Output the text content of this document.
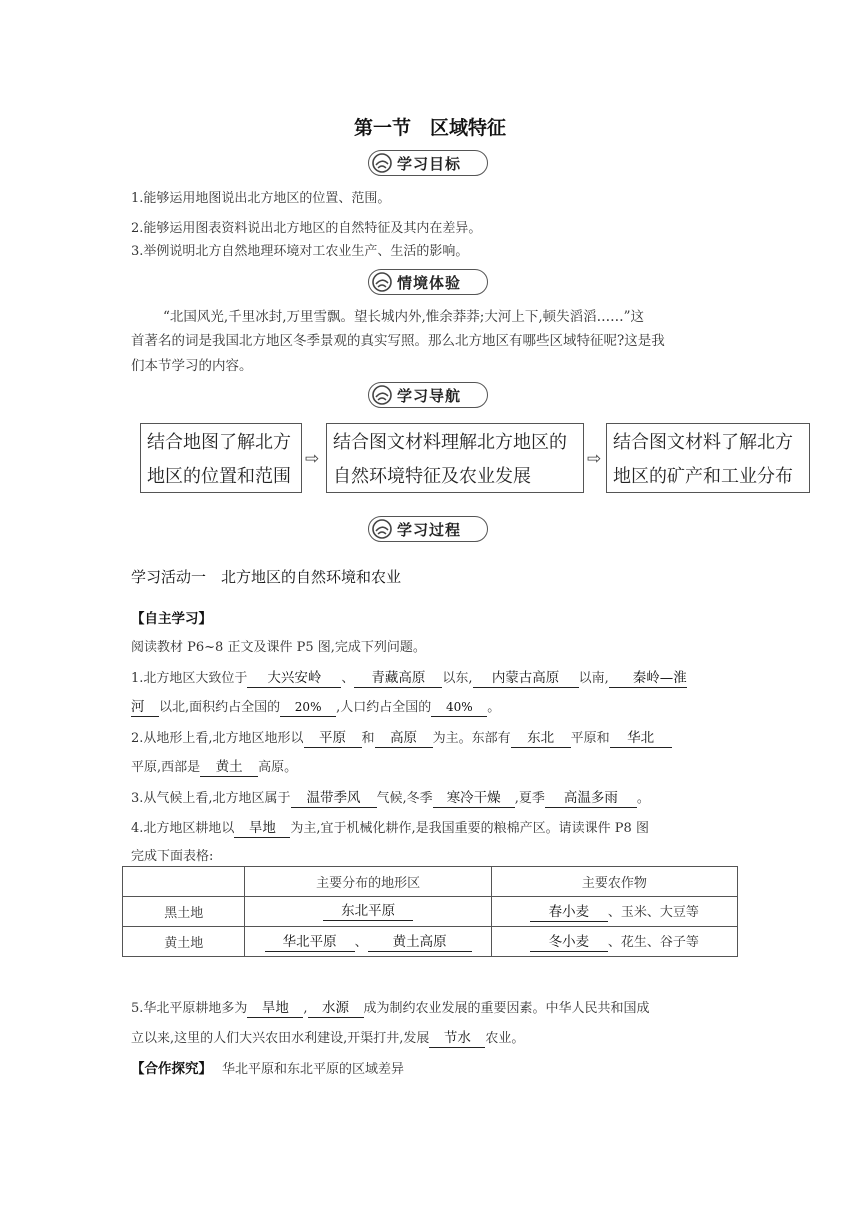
第一节　区域特征
学习目标
1.能够运用地图说出北方地区的位置、范围。
2.能够运用图表资料说出北方地区的自然特征及其内在差异。
3.举例说明北方自然地理环境对工农业生产、生活的影响。
情境体验
“北国风光,千里冰封,万里雪飘。望长城内外,惟余莽莽;大河上下,顿失滔滔……”这
首著名的词是我国北方地区冬季景观的真实写照。那么北方地区有哪些区域特征呢?这是我
们本节学习的内容。
学习导航
结合地图了解北方
地区的位置和范围
⇨
结合图文材料理解北方地区的
自然环境特征及农业发展
⇨
结合图文材料了解北方
地区的矿产和工业分布
学习过程
学习活动一　北方地区的自然环境和农业
【自主学习】
阅读教材 P6~8 正文及课件 P5 图,完成下列问题。
1.北方地区大致位于 大兴安岭 、 青藏高原 以东, 内蒙古高原 以南, 秦岭—淮
河 以北,面积约占全国的 20% ,人口约占全国的 40% 。
2.从地形上看,北方地区地形以 平原 和 高原 为主。东部有 东北 平原和 华北
平原,西部是 黄土 高原。
3.从气候上看,北方地区属于 温带季风 气候,冬季 寒冷干燥 ,夏季 高温多雨 。
4.北方地区耕地以 旱地 为主,宜于机械化耕作,是我国重要的粮棉产区。请读课件 P8 图
完成下面表格:
	主要分布的地形区	主要农作物
黑土地	东北平原	春小麦 、玉米、大豆等
黄土地	华北平原 、 黄土高原	冬小麦 、花生、谷子等
5.华北平原耕地多为 旱地 , 水源 成为制约农业发展的重要因素。中华人民共和国成
立以来,这里的人们大兴农田水利建设,开渠打井,发展 节水 农业。
【合作探究】 华北平原和东北平原的区域差异
